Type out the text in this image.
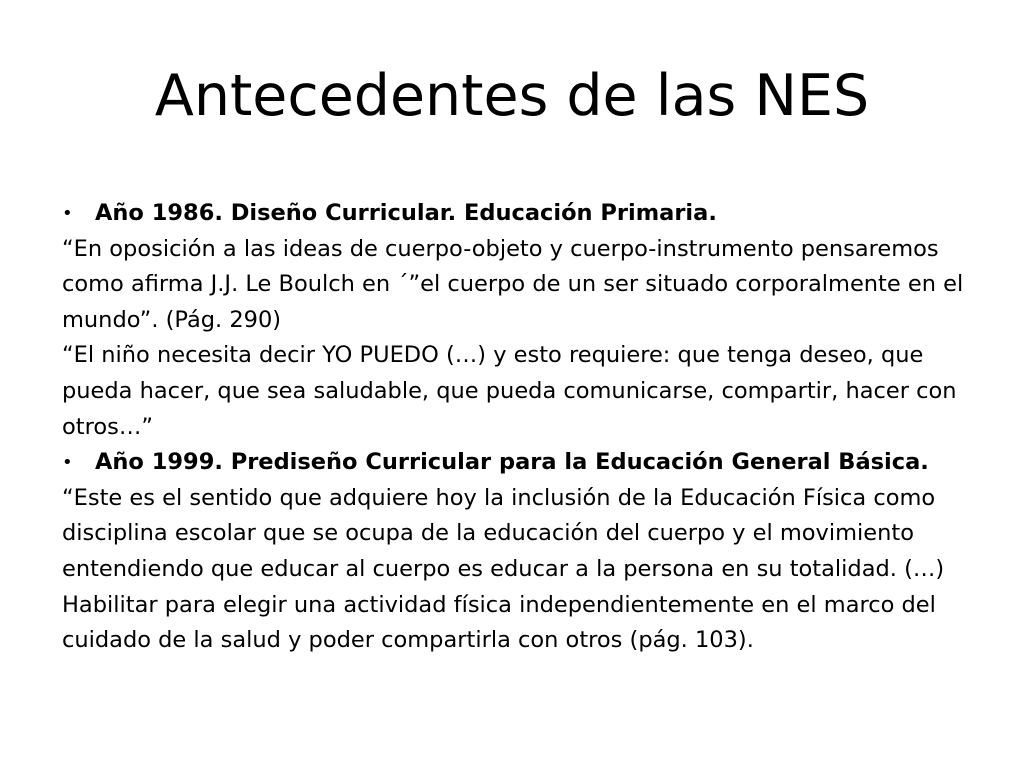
Antecedentes de las NES
• Año 1986. Diseño Curricular. Educación Primaria.

“En oposición a las ideas de cuerpo-objeto y cuerpo-instrumento pensaremos como afirma J.J. Le Boulch en ´”el cuerpo de un ser situado corporalmente en el mundo”. (Pág. 290)

“El niño necesita decir YO PUEDO (…) y esto requiere: que tenga deseo, que pueda hacer, que sea saludable, que pueda comunicarse, compartir, hacer con otros…”

• Año 1999. Prediseño Curricular para la Educación General Básica.

“Este es el sentido que adquiere hoy la inclusión de la Educación Física como disciplina escolar que se ocupa de la educación del cuerpo y el movimiento entendiendo que educar al cuerpo es educar a la persona en su totalidad. (…) Habilitar para elegir una actividad física independientemente en el marco del cuidado de la salud y poder compartirla con otros (pág. 103).
